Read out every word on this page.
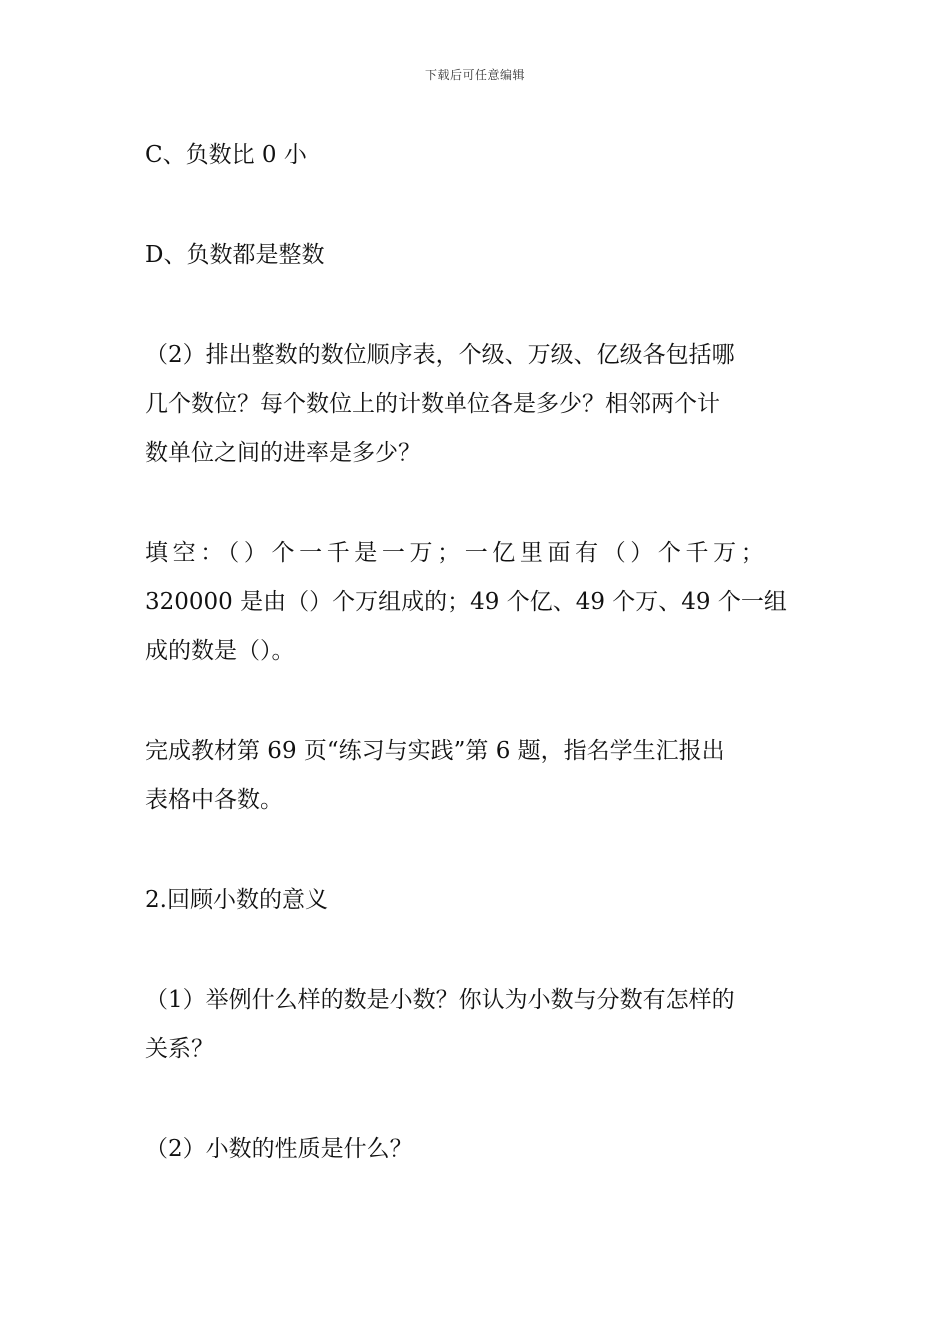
下载后可任意编辑

C、负数比 0 小

D、负数都是整数

（2）排出整数的数位顺序表，个级、万级、亿级各包括哪
几个数位？每个数位上的计数单位各是多少？相邻两个计
数单位之间的进率是多少？

填空：（）个一千是一万；一亿里面有（）个千万；
320000 是由（）个万组成的；49 个亿、49 个万、49 个一组
成的数是（）。

完成教材第 69 页“练习与实践”第 6 题，指名学生汇报出
表格中各数。

2.回顾小数的意义

（1）举例什么样的数是小数？你认为小数与分数有怎样的
关系？

（2）小数的性质是什么？
